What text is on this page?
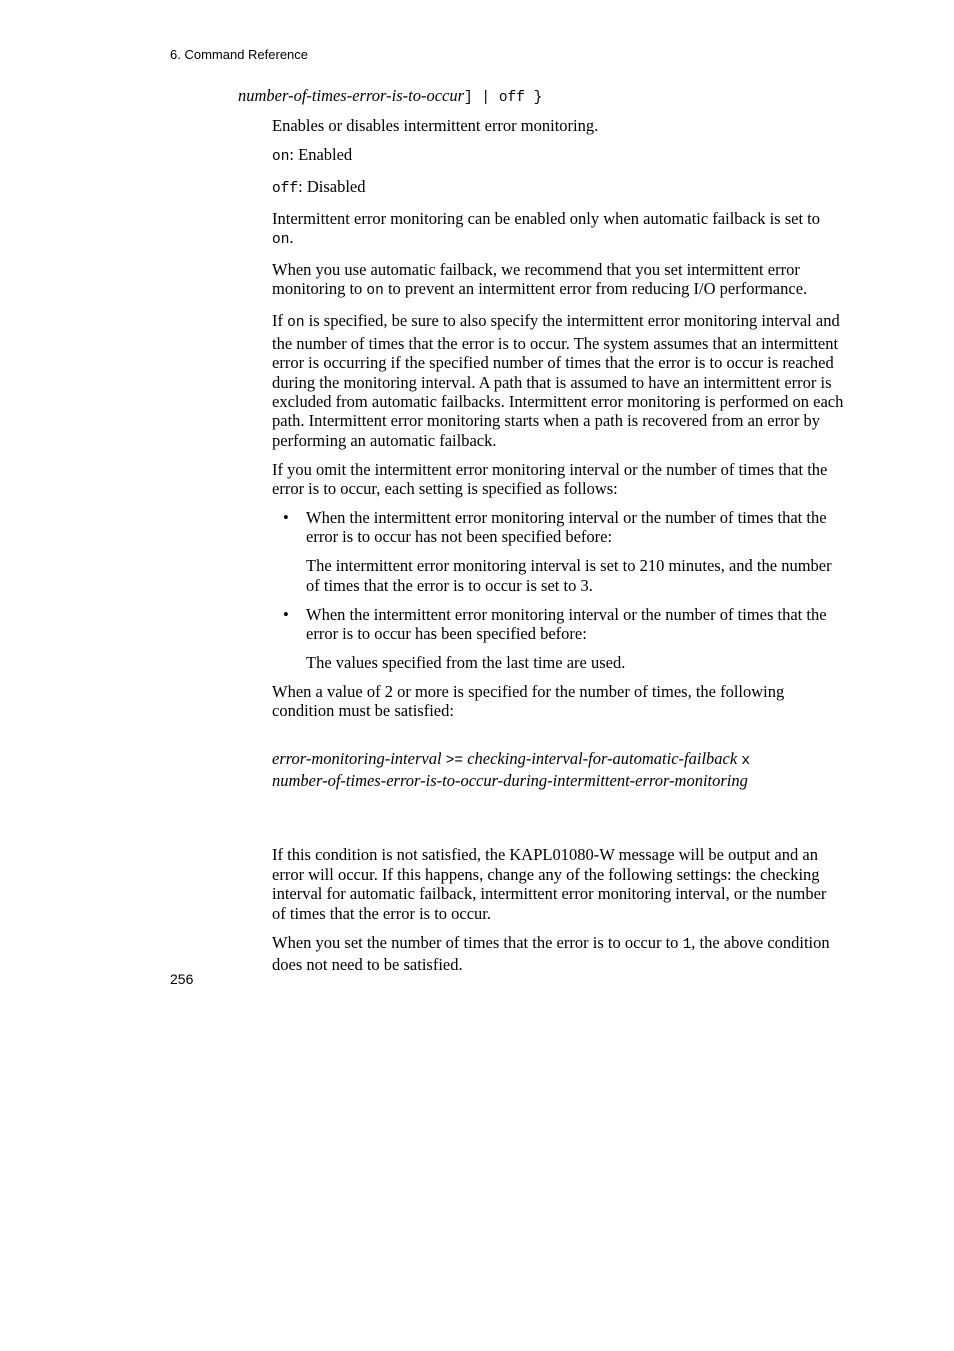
6. Command Reference
number-of-times-error-is-to-occur] | off }

Enables or disables intermittent error monitoring.

on: Enabled

off: Disabled

Intermittent error monitoring can be enabled only when automatic failback is set to on.

When you use automatic failback, we recommend that you set intermittent error monitoring to on to prevent an intermittent error from reducing I/O performance.

If on is specified, be sure to also specify the intermittent error monitoring interval and the number of times that the error is to occur. The system assumes that an intermittent error is occurring if the specified number of times that the error is to occur is reached during the monitoring interval. A path that is assumed to have an intermittent error is excluded from automatic failbacks. Intermittent error monitoring is performed on each path. Intermittent error monitoring starts when a path is recovered from an error by performing an automatic failback.

If you omit the intermittent error monitoring interval or the number of times that the error is to occur, each setting is specified as follows:

• When the intermittent error monitoring interval or the number of times that the error is to occur has not been specified before:

The intermittent error monitoring interval is set to 210 minutes, and the number of times that the error is to occur is set to 3.

• When the intermittent error monitoring interval or the number of times that the error is to occur has been specified before:

The values specified from the last time are used.

When a value of 2 or more is specified for the number of times, the following condition must be satisfied:

error-monitoring-interval >= checking-interval-for-automatic-failback x
number-of-times-error-is-to-occur-during-intermittent-error-monitoring

If this condition is not satisfied, the KAPL01080-W message will be output and an error will occur. If this happens, change any of the following settings: the checking interval for automatic failback, intermittent error monitoring interval, or the number of times that the error is to occur.

When you set the number of times that the error is to occur to 1, the above condition does not need to be satisfied.

256
